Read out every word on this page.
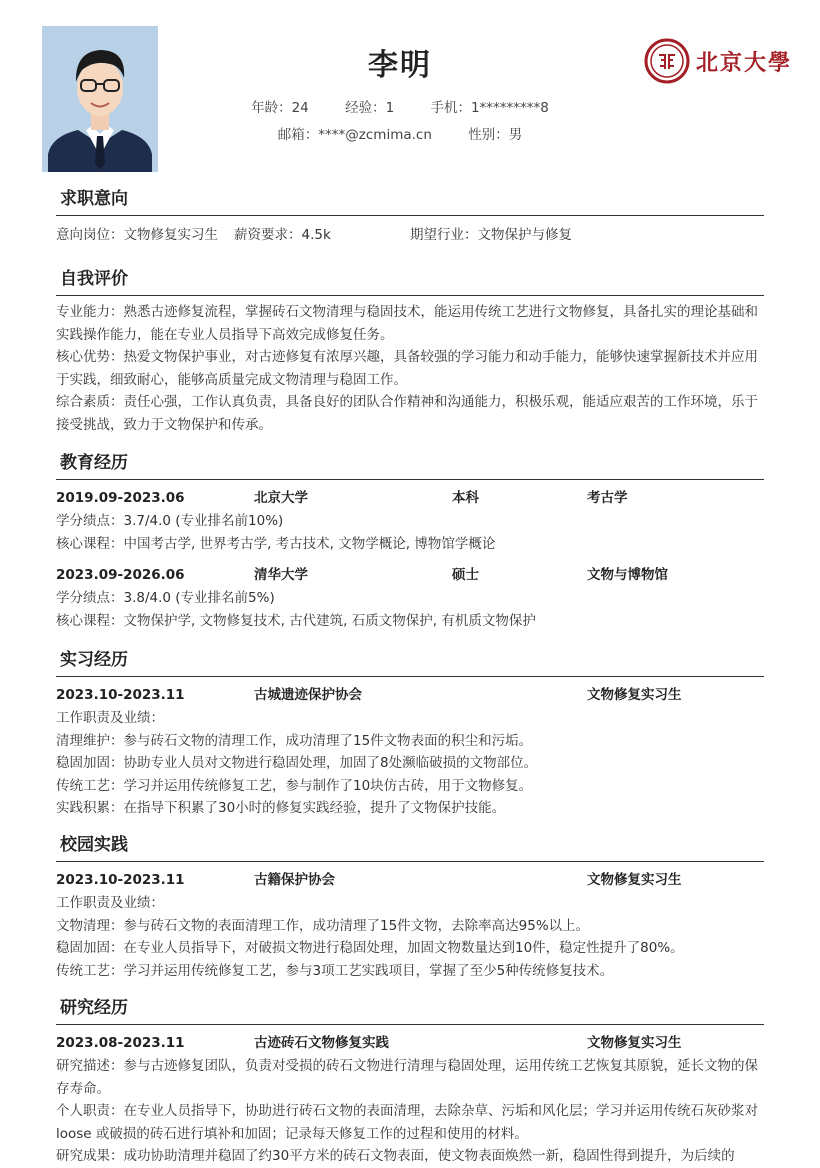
李明
年龄：24	经验：1	手机：1*********8
邮箱：****@zcmima.cn	性别：男
北京大學
求职意向
意向岗位：文物修复实习生	薪资要求：4.5k	期望行业：文物保护与修复
自我评价

专业能力：熟悉古迹修复流程，掌握砖石文物清理与稳固技术，能运用传统工艺进行文物修复，具备扎实的理论基础和实践操作能力，能在专业人员指导下高效完成修复任务。

核心优势：热爱文物保护事业，对古迹修复有浓厚兴趣，具备较强的学习能力和动手能力，能够快速掌握新技术并应用于实践，细致耐心，能够高质量完成文物清理与稳固工作。

综合素质：责任心强，工作认真负责，具备良好的团队合作精神和沟通能力，积极乐观，能适应艰苦的工作环境，乐于接受挑战，致力于文物保护和传承。

教育经历
2019.09-2023.06	北京大学	本科	考古学

学分绩点：3.7/4.0 (专业排名前10%)

核心课程：中国考古学, 世界考古学, 考古技术, 文物学概论, 博物馆学概论

2023.09-2026.06	清华大学	硕士	文物与博物馆

学分绩点：3.8/4.0 (专业排名前5%)

核心课程：文物保护学, 文物修复技术, 古代建筑, 石质文物保护, 有机质文物保护

实习经历
2023.10-2023.11	古城遗迹保护协会	文物修复实习生

工作职责及业绩：

清理维护：参与砖石文物的清理工作，成功清理了15件文物表面的积尘和污垢。

稳固加固：协助专业人员对文物进行稳固处理，加固了8处濒临破损的文物部位。

传统工艺：学习并运用传统修复工艺，参与制作了10块仿古砖，用于文物修复。

实践积累：在指导下积累了30小时的修复实践经验，提升了文物保护技能。

校园实践
2023.10-2023.11	古籍保护协会	文物修复实习生

工作职责及业绩：

文物清理：参与砖石文物的表面清理工作，成功清理了15件文物，去除率高达95%以上。

稳固加固：在专业人员指导下，对破损文物进行稳固处理，加固文物数量达到10件，稳定性提升了80%。

传统工艺：学习并运用传统修复工艺，参与3项工艺实践项目，掌握了至少5种传统修复技术。

研究经历
2023.08-2023.11	古迹砖石文物修复实践	文物修复实习生

研究描述：参与古迹修复团队，负责对受损的砖石文物进行清理与稳固处理，运用传统工艺恢复其原貌，延长文物的保存寿命。

个人职责：在专业人员指导下，协助进行砖石文物的表面清理，去除杂草、污垢和风化层；学习并运用传统石灰砂浆对 loose 或破损的砖石进行填补和加固；记录每天修复工作的过程和使用的材料。

研究成果：成功协助清理并稳固了约30平方米的砖石文物表面，使文物表面焕然一新，稳固性得到提升，为后续的
